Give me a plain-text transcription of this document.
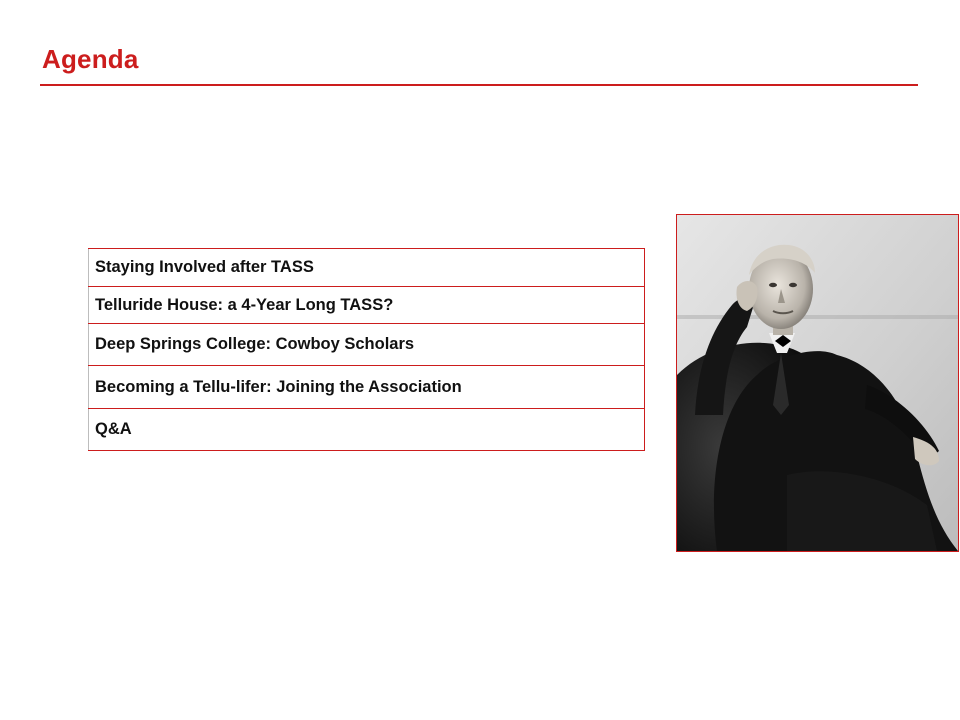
Agenda
Staying Involved after TASS
Telluride House: a 4-Year Long TASS?
Deep Springs College: Cowboy Scholars
Becoming a Tellu-lifer: Joining the Association
Q&A
